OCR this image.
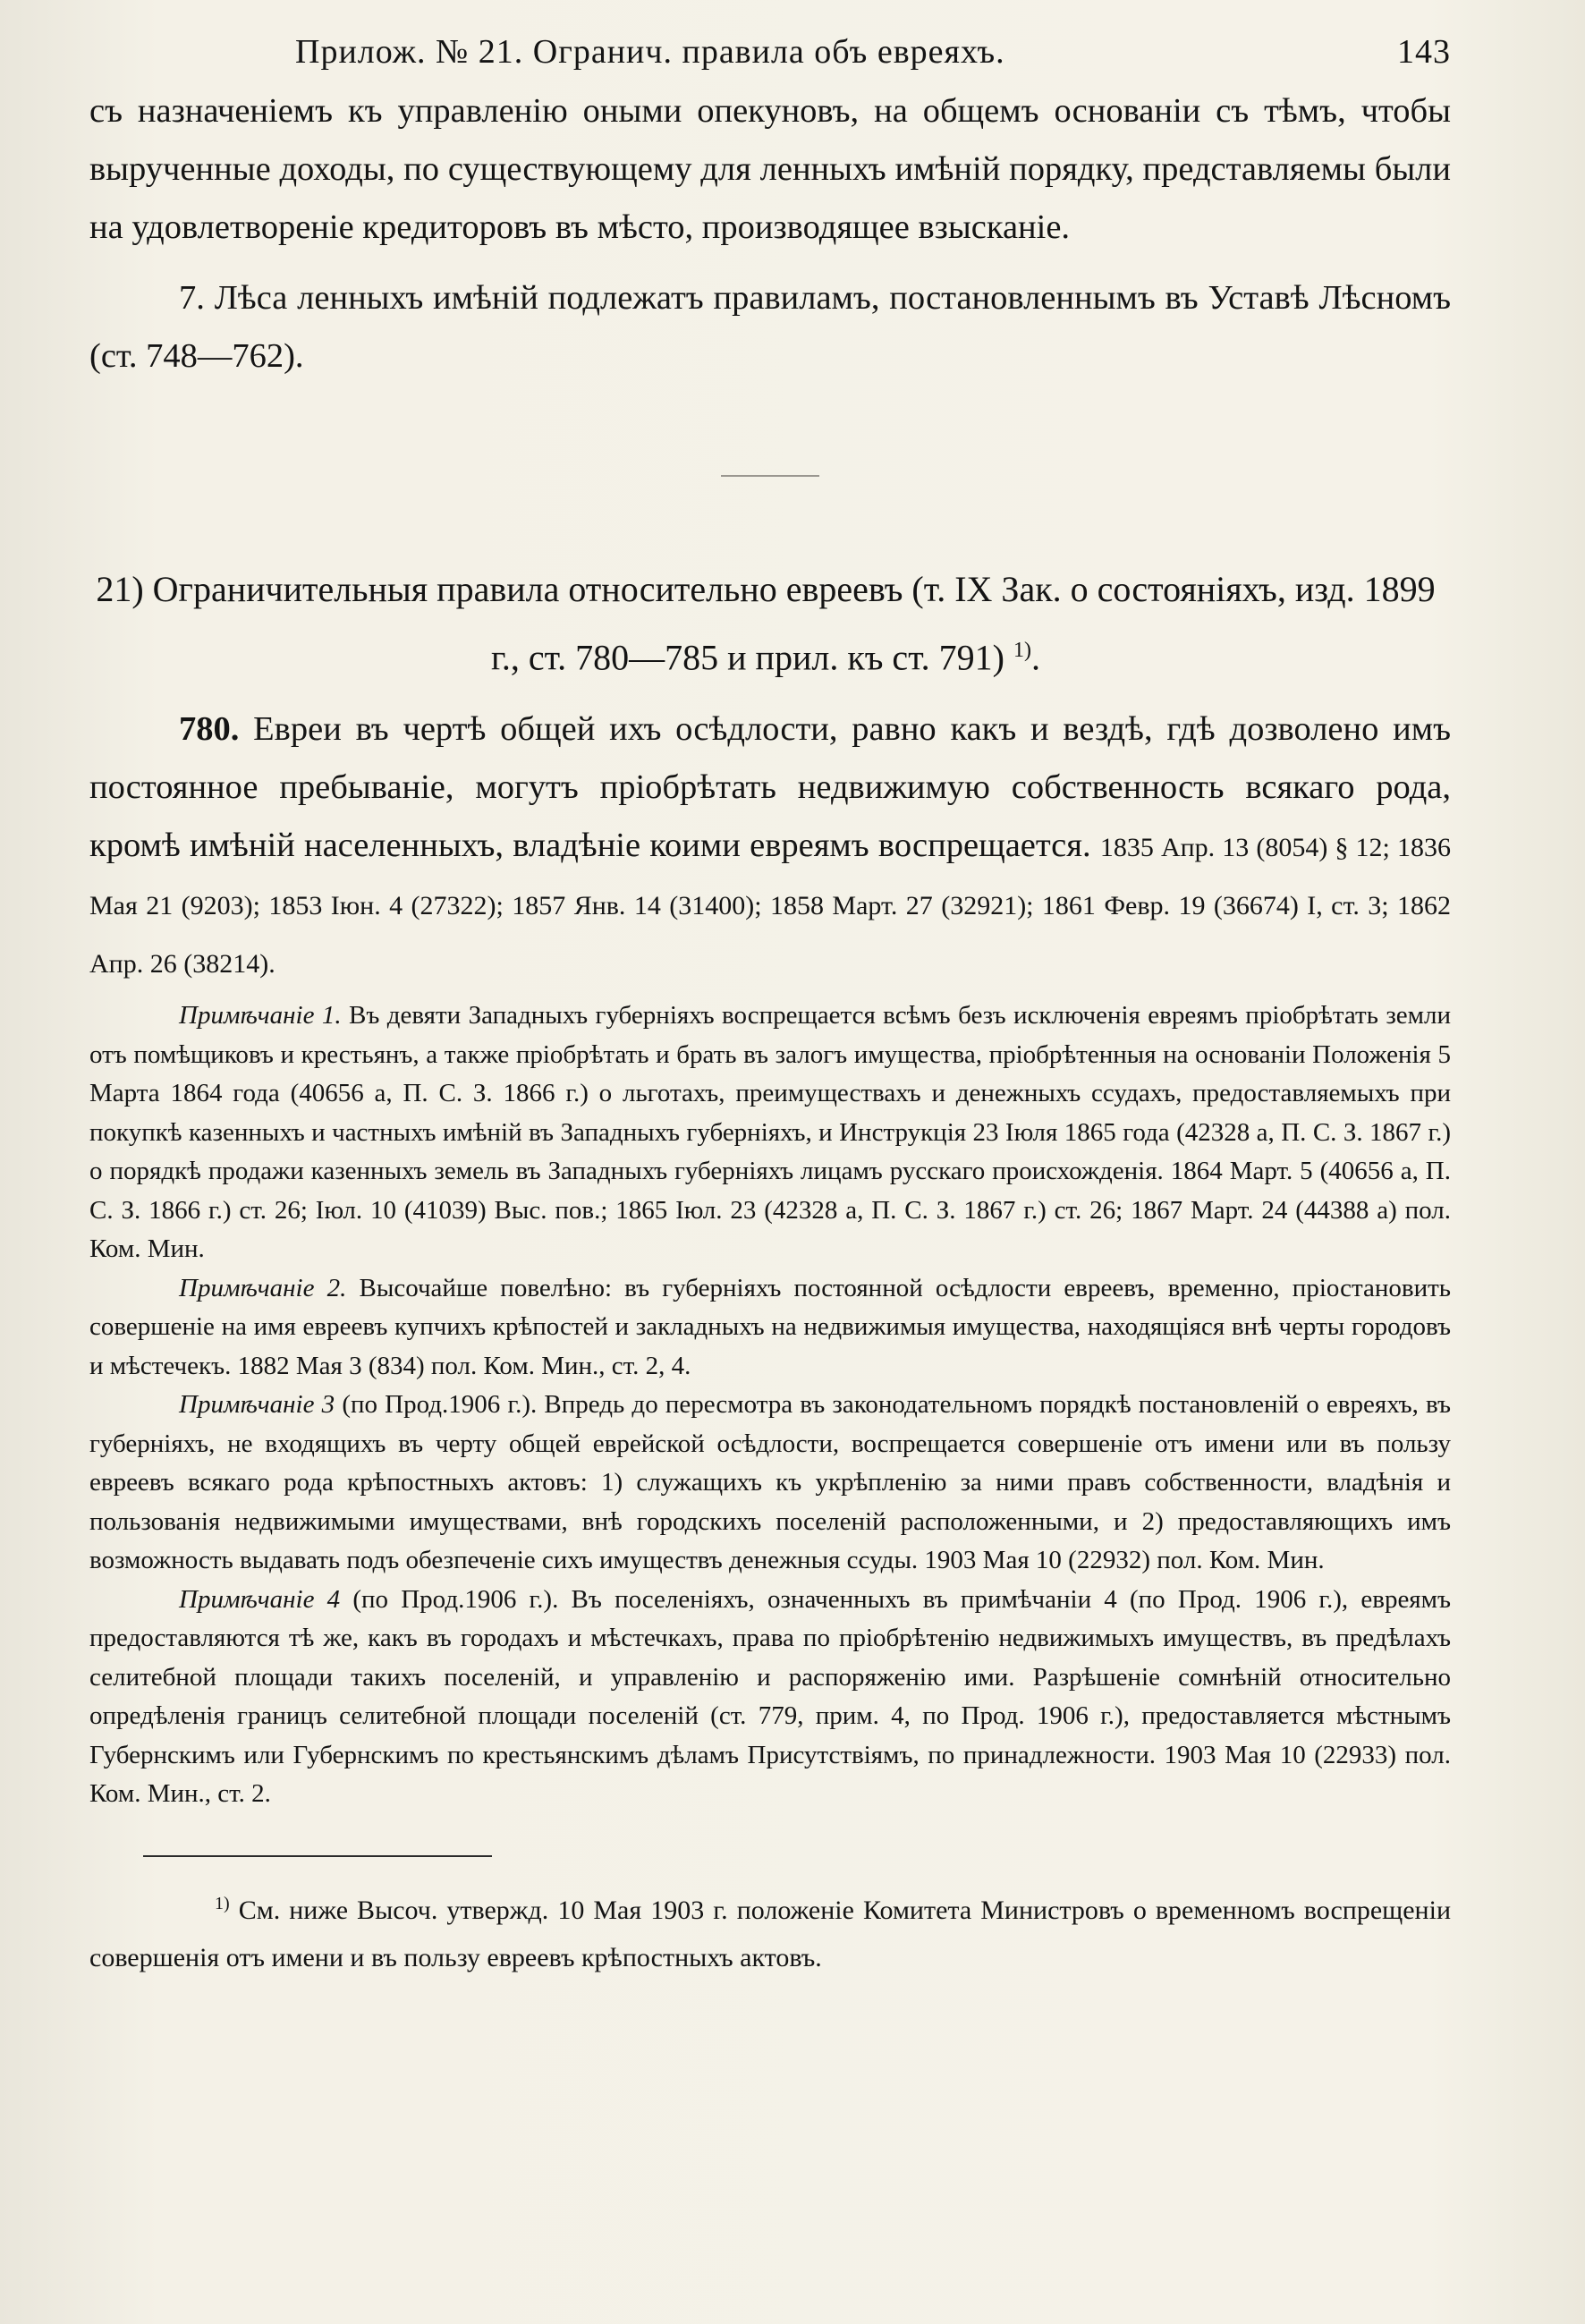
Прилож. № 21. Огранич. правила объ евреяхъ.	143

съ назначеніемъ къ управленію оными опекуновъ, на общемъ основаніи съ тѣмъ, чтобы вырученные доходы, по существующему для ленныхъ имѣній порядку, представляемы были на удовлетвореніе кредиторовъ въ мѣсто, производящее взысканіе.

7. Лѣса ленныхъ имѣній подлежатъ правиламъ, постановленнымъ въ Уставѣ Лѣсномъ (ст. 748—762).

21) Ограничительныя правила относительно евреевъ (т. IX Зак. о состояніяхъ, изд. 1899 г., ст. 780—785 и прил. къ ст. 791) $^{1)}$.

780. Евреи въ чертѣ общей ихъ осѣдлости, равно какъ и вездѣ, гдѣ дозволено имъ постоянное пребываніе, могутъ пріобрѣтать недвижимую собственность всякаго рода, кромѣ имѣній населенныхъ, владѣніе коими евреямъ воспрещается. 1835 Апр. 13 (8054) § 12; 1836 Мая 21 (9203); 1853 Іюн. 4 (27322); 1857 Янв. 14 (31400); 1858 Март. 27 (32921); 1861 Февр. 19 (36674) I, ст. 3; 1862 Апр. 26 (38214).

Примѣчаніе 1. Въ девяти Западныхъ губерніяхъ воспрещается всѣмъ безъ исключенія евреямъ пріобрѣтать земли отъ помѣщиковъ и крестьянъ, а также пріобрѣтать и брать въ залогъ имущества, пріобрѣтенныя на основаніи Положенія 5 Марта 1864 года (40656 а, П. С. З. 1866 г.) о льготахъ, преимуществахъ и денежныхъ ссудахъ, предоставляемыхъ при покупкѣ казенныхъ и частныхъ имѣній въ Западныхъ губерніяхъ, и Инструкція 23 Іюля 1865 года (42328 а, П. С. З. 1867 г.) о порядкѣ продажи казенныхъ земель въ Западныхъ губерніяхъ лицамъ русскаго происхожденія. 1864 Март. 5 (40656 а, П. С. З. 1866 г.) ст. 26; Іюл. 10 (41039) Выс. пов.; 1865 Іюл. 23 (42328 а, П. С. З. 1867 г.) ст. 26; 1867 Март. 24 (44388 а) пол. Ком. Мин.

Примѣчаніе 2. Высочайше повелѣно: въ губерніяхъ постоянной осѣдлости евреевъ, временно, пріостановить совершеніе на имя евреевъ купчихъ крѣпостей и закладныхъ на недвижимыя имущества, находящіяся внѣ черты городовъ и мѣстечекъ. 1882 Мая 3 (834) пол. Ком. Мин., ст. 2, 4.

Примѣчаніе 3 (по Прод.1906 г.). Впредь до пересмотра въ законодательномъ порядкѣ постановленій о евреяхъ, въ губерніяхъ, не входящихъ въ черту общей еврейской осѣдлости, воспрещается совершеніе отъ имени или въ пользу евреевъ всякаго рода крѣпостныхъ актовъ: 1) служащихъ къ укрѣпленію за ними правъ собственности, владѣнія и пользованія недвижимыми имуществами, внѣ городскихъ поселеній расположенными, и 2) предоставляющихъ имъ возможность выдавать подъ обезпеченіе сихъ имуществъ денежныя ссуды. 1903 Мая 10 (22932) пол. Ком. Мин.

Примѣчаніе 4 (по Прод.1906 г.). Въ поселеніяхъ, означенныхъ въ примѣчаніи 4 (по Прод. 1906 г.), евреямъ предоставляются тѣ же, какъ въ городахъ и мѣстечкахъ, права по пріобрѣтенію недвижимыхъ имуществъ, въ предѣлахъ селитебной площади такихъ поселеній, и управленію и распоряженію ими. Разрѣшеніе сомнѣній относительно опредѣленія границъ селитебной площади поселеній (ст. 779, прим. 4, по Прод. 1906 г.), предоставляется мѣстнымъ Губернскимъ или Губернскимъ по крестьянскимъ дѣламъ Присутствіямъ, по принадлежности. 1903 Мая 10 (22933) пол. Ком. Мин., ст. 2.

$^{1)}$ См. ниже Высоч. утвержд. 10 Мая 1903 г. положеніе Комитета Министровъ о временномъ воспрещеніи совершенія отъ имени и въ пользу евреевъ крѣпостныхъ актовъ.
